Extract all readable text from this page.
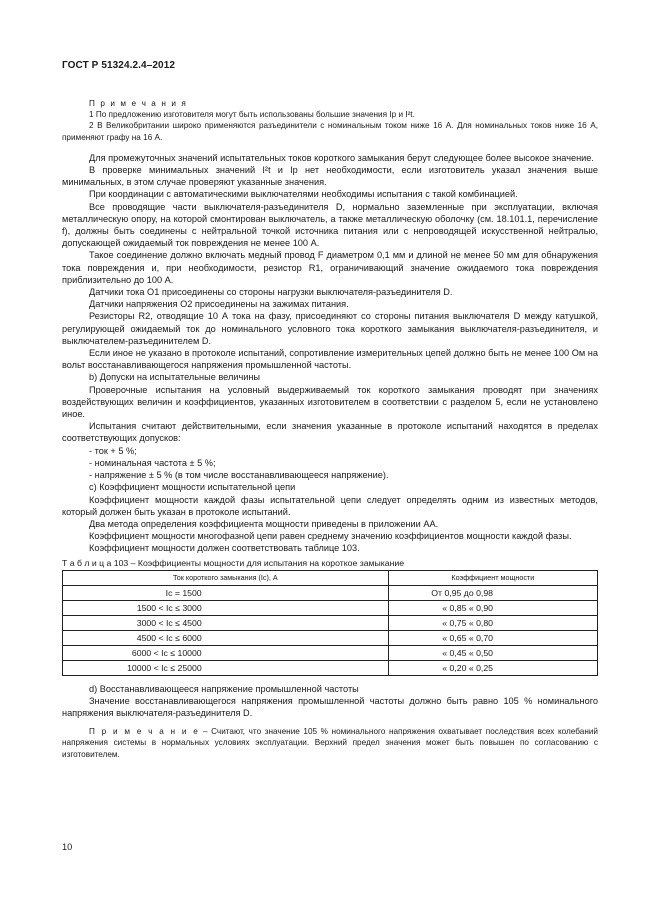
ГОСТ Р 51324.2.4–2012

П р и м е ч а н и я

1 По предложению изготовителя могут быть использованы большие значения Iр и I²t.

2 В Великобритании широко применяются разъединители с номинальным током ниже 16 А. Для номинальных токов ниже 16 А, применяют графу на 16 А.

Для промежуточных значений испытательных токов короткого замыкания берут следующее более высокое значение.

В проверке минимальных значений I²t и Iр нет необходимости, если изготовитель указал значения выше минимальных, в этом случае проверяют указанные значения.

При координации с автоматическими выключателями необходимы испытания с такой комбинацией.

Все проводящие части выключателя-разъединителя D, нормально заземленные при эксплуатации, включая металлическую опору, на которой смонтирован выключатель, а также металлическую оболочку (см. 18.101.1, перечисление f), должны быть соединены с нейтральной точкой источника питания или с непроводящей искусственной нейтралью, допускающей ожидаемый ток повреждения не менее 100 А.

Такое соединение должно включать медный провод F диаметром 0,1 мм и длиной не менее 50 мм для обнаружения тока повреждения и, при необходимости, резистор R1, ограничивающий значение ожидаемого тока повреждения приблизительно до 100 А.

Датчики тока O1 присоединены со стороны нагрузки выключателя-разъединителя D.

Датчики напряжения O2 присоединены на зажимах питания.

Резисторы R2, отводящие 10 А тока на фазу, присоединяют со стороны питания выключателя D между катушкой, регулирующей ожидаемый ток до номинального условного тока короткого замыкания выключателя-разъединителя, и выключателем-разъединителем D.

Если иное не указано в протоколе испытаний, сопротивление измерительных цепей должно быть не менее 100 Ом на вольт восстанавливающегося напряжения промышленной частоты.

b) Допуски на испытательные величины

Проверочные испытания на условный выдерживаемый ток короткого замыкания проводят при значениях воздействующих величин и коэффициентов, указанных изготовителем в соответствии с разделом 5, если не установлено иное.

Испытания считают действительными, если значения указанные в протоколе испытаний находятся в пределах соответствующих допусков:

- ток + 5 %;

- номинальная частота ± 5 %;

- напряжение ± 5 % (в том числе восстанавливающееся напряжение).

c) Коэффициент мощности испытательной цепи

Коэффициент мощности каждой фазы испытательной цепи следует определять одним из известных методов, который должен быть указан в протоколе испытаний.

Два метода определения коэффициента мощности приведены в приложении АА.

Коэффициент мощности многофазной цепи равен среднему значению коэффициентов мощности каждой фазы.

Коэффициент мощности должен соответствовать таблице 103.

Т а б л и ц а 103 – Коэффициенты мощности для испытания на короткое замыкание

Ток короткого замыкания (Iс), А	Коэффициент мощности
Iс = 1500	От 0,95 до 0,98
1500 < Iс ≤ 3000	« 0,85 « 0,90
3000 < Iс ≤ 4500	« 0,75 « 0,80
4500 < Iс ≤ 6000	« 0,65 « 0,70
6000 < Iс ≤ 10000	« 0,45 « 0,50
10000 < Iс ≤ 25000	« 0,20 « 0,25

d) Восстанавливающееся напряжение промышленной частоты

Значение восстанавливающегося напряжения промышленной частоты должно быть равно 105 % номинального напряжения выключателя-разъединителя D.

П р и м е ч а н и е – Считают, что значение 105 % номинального напряжения охватывает последствия всех колебаний напряжения системы в нормальных условиях эксплуатации. Верхний предел значения может быть повышен по согласованию с изготовителем.

10
